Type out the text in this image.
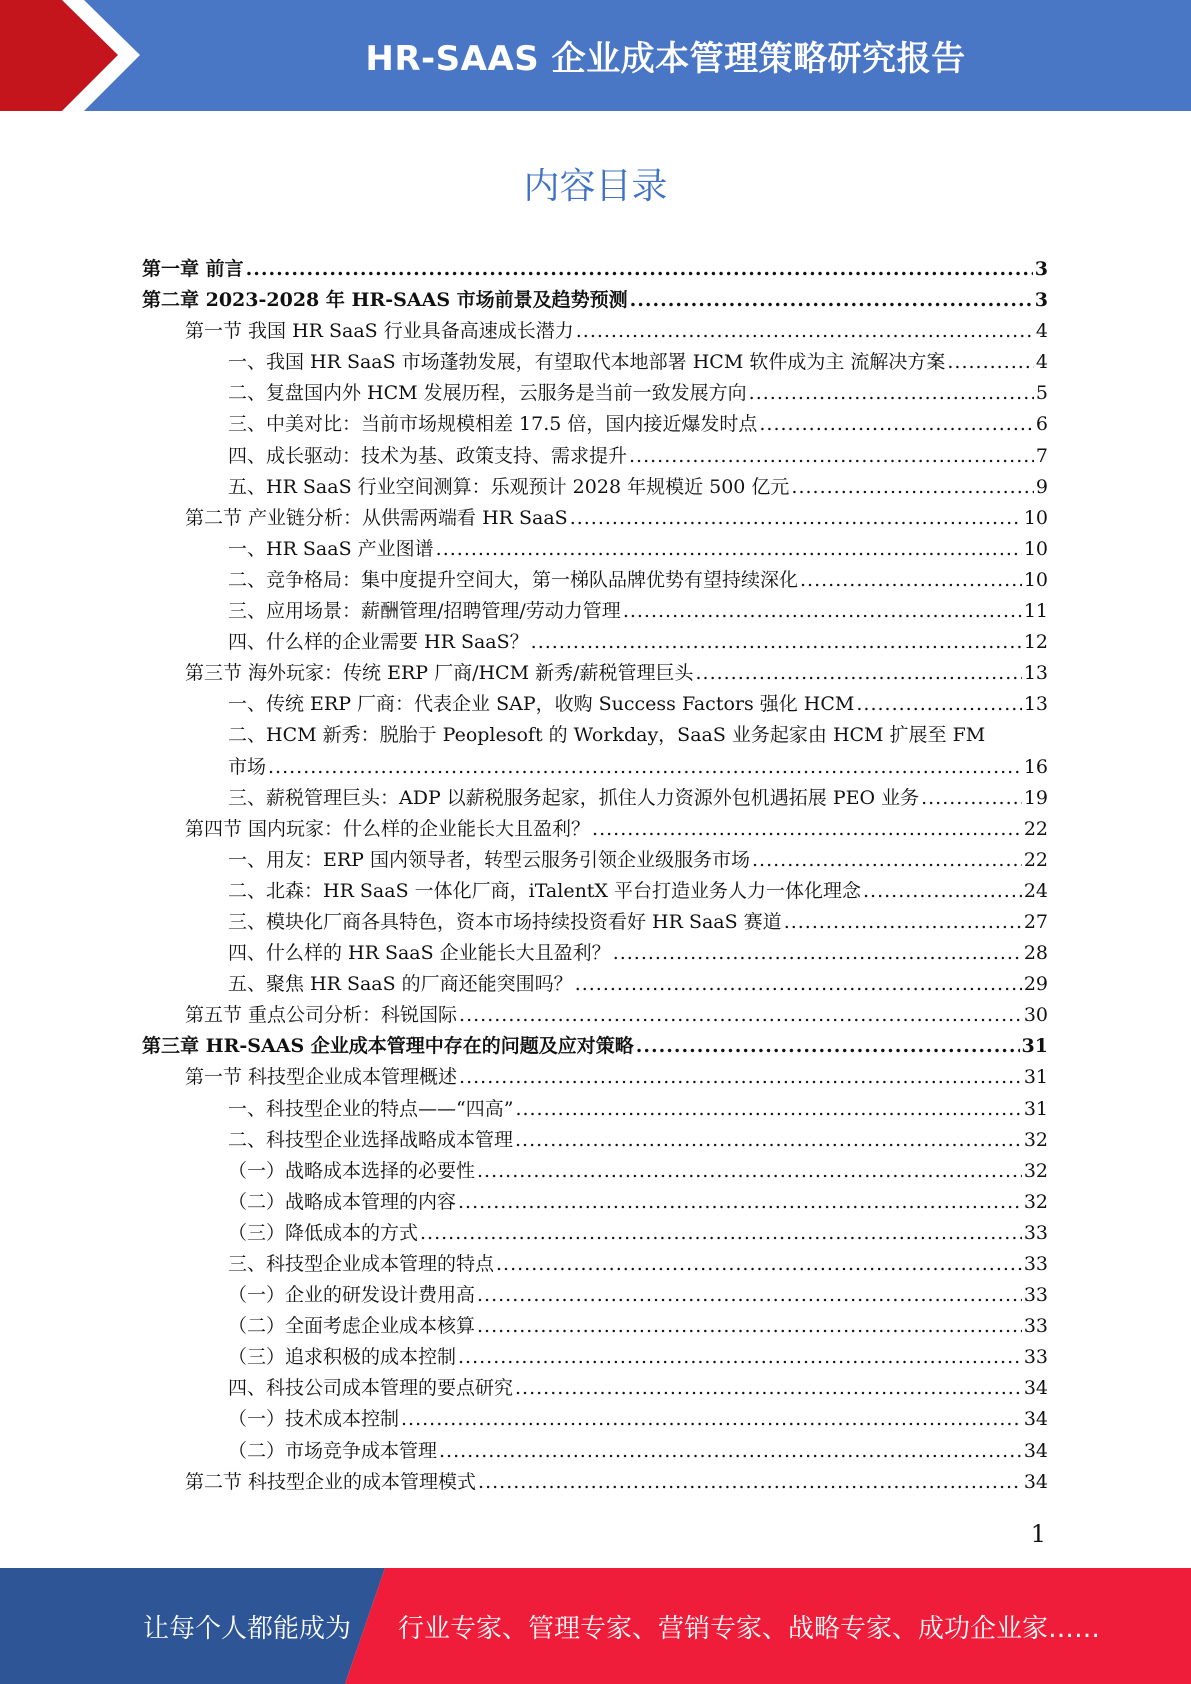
HR-SAAS 企业成本管理策略研究报告
内容目录
第一章 前言 .....	3
第二章 2023-2028 年 HR-SAAS 市场前景及趋势预测 .....	3
第一节 我国 HR SaaS 行业具备高速成长潜力 .....	4
一、我国 HR SaaS 市场蓬勃发展，有望取代本地部署 HCM 软件成为主 流解决方案 .....	4
二、复盘国内外 HCM 发展历程，云服务是当前一致发展方向 .....	5
三、中美对比：当前市场规模相差 17.5 倍，国内接近爆发时点 .....	6
四、成长驱动：技术为基、政策支持、需求提升 .....	7
五、HR SaaS 行业空间测算：乐观预计 2028 年规模近 500 亿元 .....	9
第二节 产业链分析：从供需两端看 HR SaaS .....	10
一、HR SaaS 产业图谱 .....	10
二、竞争格局：集中度提升空间大，第一梯队品牌优势有望持续深化 .....	10
三、应用场景：薪酬管理/招聘管理/劳动力管理 .....	11
四、什么样的企业需要 HR SaaS？ .....	12
第三节 海外玩家：传统 ERP 厂商/HCM 新秀/薪税管理巨头 .....	13
一、传统 ERP 厂商：代表企业 SAP，收购 Success Factors 强化 HCM .....	13
二、HCM 新秀：脱胎于 Peoplesoft 的 Workday，SaaS 业务起家由 HCM 扩展至 FM
市场 .....	16
三、薪税管理巨头：ADP 以薪税服务起家，抓住人力资源外包机遇拓展 PEO 业务 .....	19
第四节 国内玩家：什么样的企业能长大且盈利？ .....	22
一、用友：ERP 国内领导者，转型云服务引领企业级服务市场 .....	22
二、北森：HR SaaS 一体化厂商，iTalentX 平台打造业务人力一体化理念 .....	24
三、模块化厂商各具特色，资本市场持续投资看好 HR SaaS 赛道 .....	27
四、什么样的 HR SaaS 企业能长大且盈利？ .....	28
五、聚焦 HR SaaS 的厂商还能突围吗？ .....	29
第五节 重点公司分析：科锐国际 .....	30
第三章 HR-SAAS 企业成本管理中存在的问题及应对策略 .....	31
第一节 科技型企业成本管理概述 .....	31
一、科技型企业的特点——“四高” .....	31
二、科技型企业选择战略成本管理 .....	32
（一）战略成本选择的必要性 .....	32
（二）战略成本管理的内容 .....	32
（三）降低成本的方式 .....	33
三、科技型企业成本管理的特点 .....	33
（一）企业的研发设计费用高 .....	33
（二）全面考虑企业成本核算 .....	33
（三）追求积极的成本控制 .....	33
四、科技公司成本管理的要点研究 .....	34
（一）技术成本控制 .....	34
（二）市场竞争成本管理 .....	34
第二节 科技型企业的成本管理模式 .....	34
1
让每个人都能成为 行业专家、管理专家、营销专家、战略专家、成功企业家……
